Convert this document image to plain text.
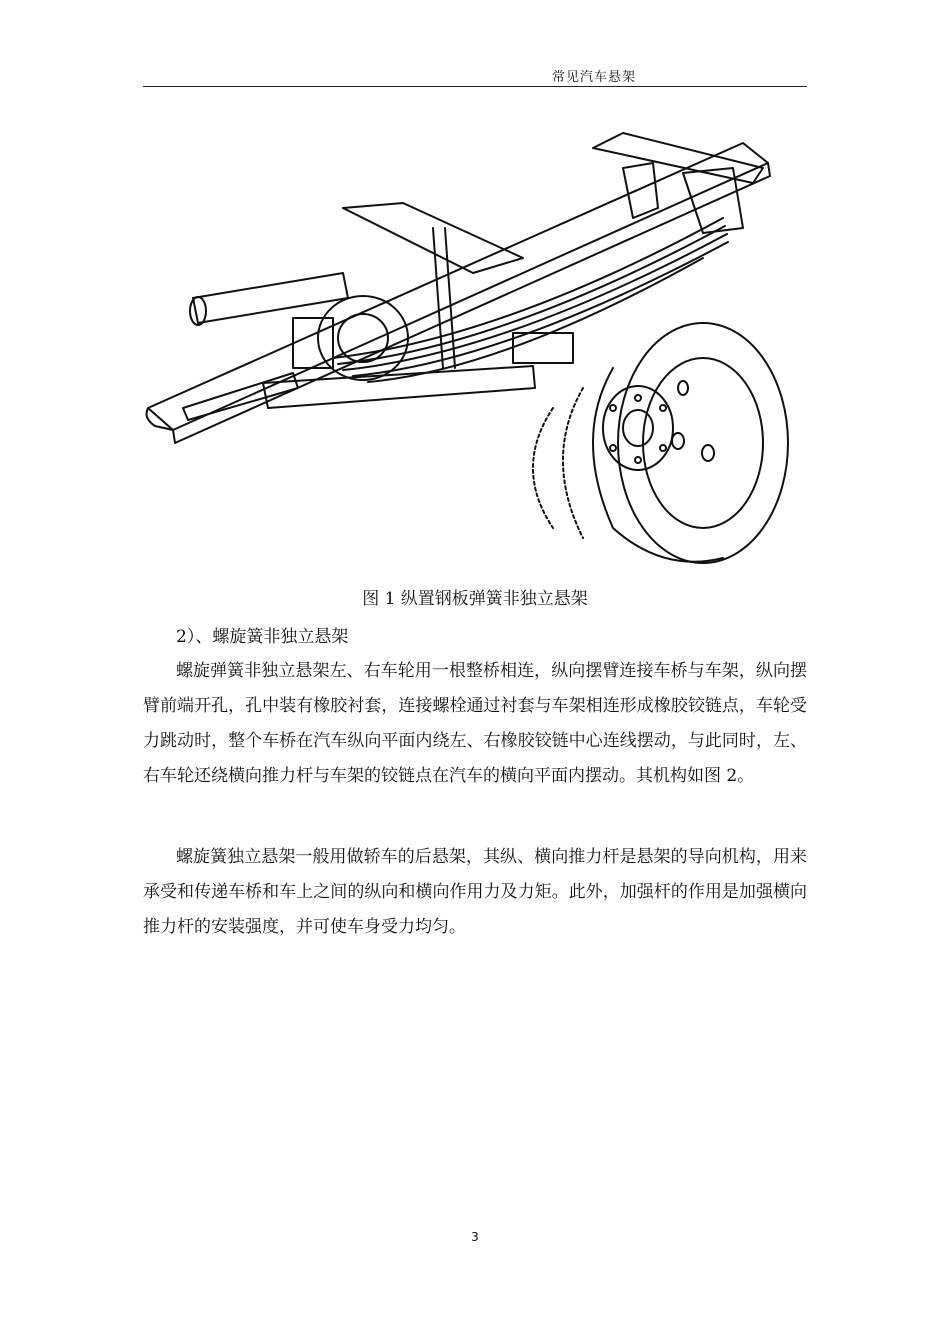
常见汽车悬架
图 1 纵置钢板弹簧非独立悬架
2）、螺旋簧非独立悬架

螺旋弹簧非独立悬架左、右车轮用一根整桥相连，纵向摆臂连接车桥与车架，纵向摆臂前端开孔，孔中装有橡胶衬套，连接螺栓通过衬套与车架相连形成橡胶铰链点，车轮受力跳动时，整个车桥在汽车纵向平面内绕左、右橡胶铰链中心连线摆动，与此同时，左、右车轮还绕横向推力杆与车架的铰链点在汽车的横向平面内摆动。其机构如图 2。

螺旋簧独立悬架一般用做轿车的后悬架，其纵、横向推力杆是悬架的导向机构，用来承受和传递车桥和车上之间的纵向和横向作用力及力矩。此外，加强杆的作用是加强横向推力杆的安装强度，并可使车身受力均匀。

3
